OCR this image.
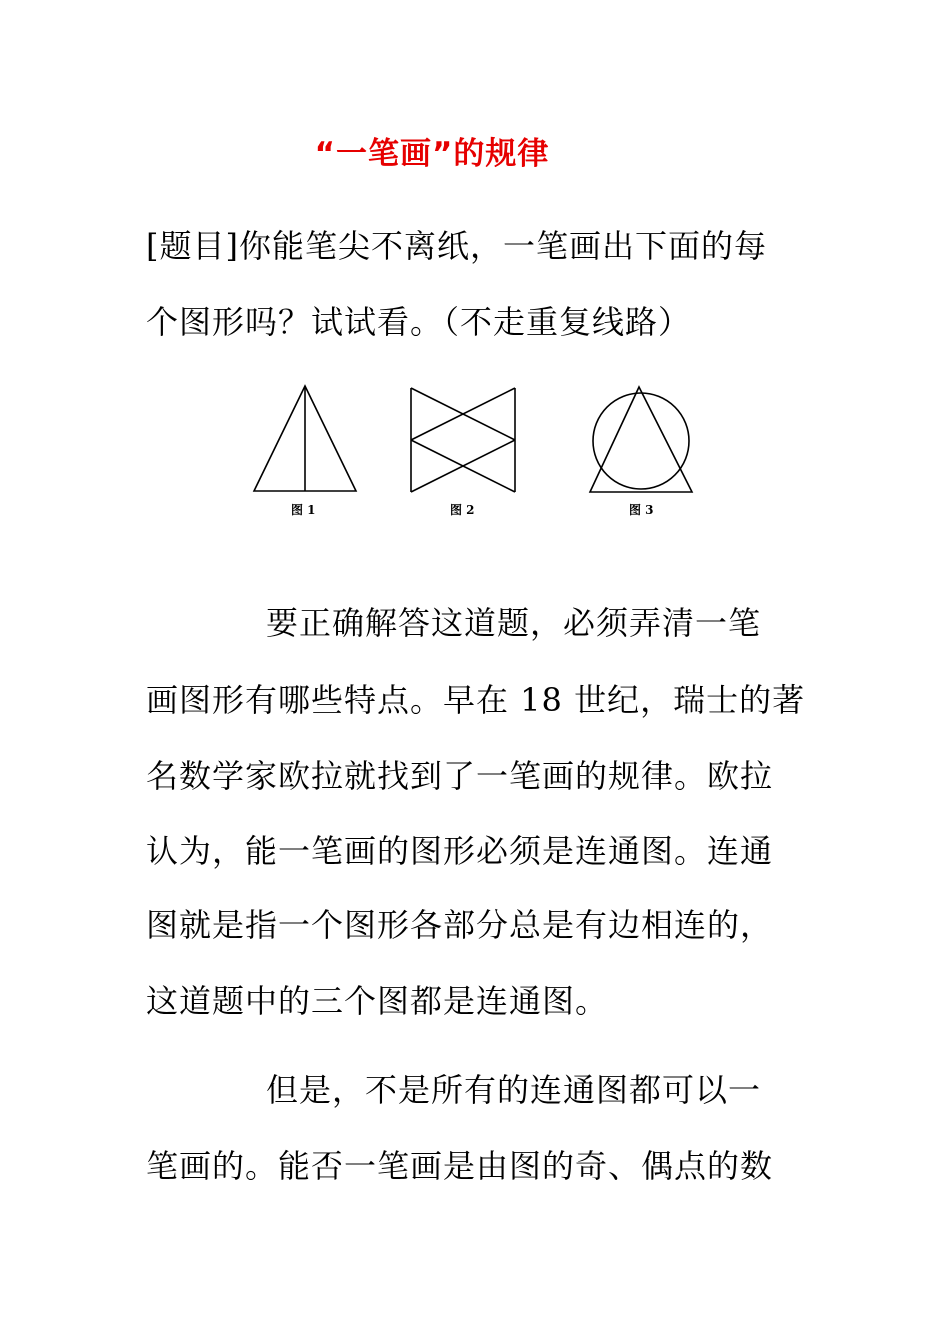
“一笔画”的规律
[题目]你能笔尖不离纸，一笔画出下面的每
个图形吗？试试看。（不走重复线路）
图 1	图 2	图 3
要正确解答这道题，必须弄清一笔
画图形有哪些特点。早在 18 世纪，瑞士的著
名数学家欧拉就找到了一笔画的规律。欧拉
认为，能一笔画的图形必须是连通图。连通
图就是指一个图形各部分总是有边相连的，
这道题中的三个图都是连通图。
但是，不是所有的连通图都可以一
笔画的。能否一笔画是由图的奇、偶点的数
